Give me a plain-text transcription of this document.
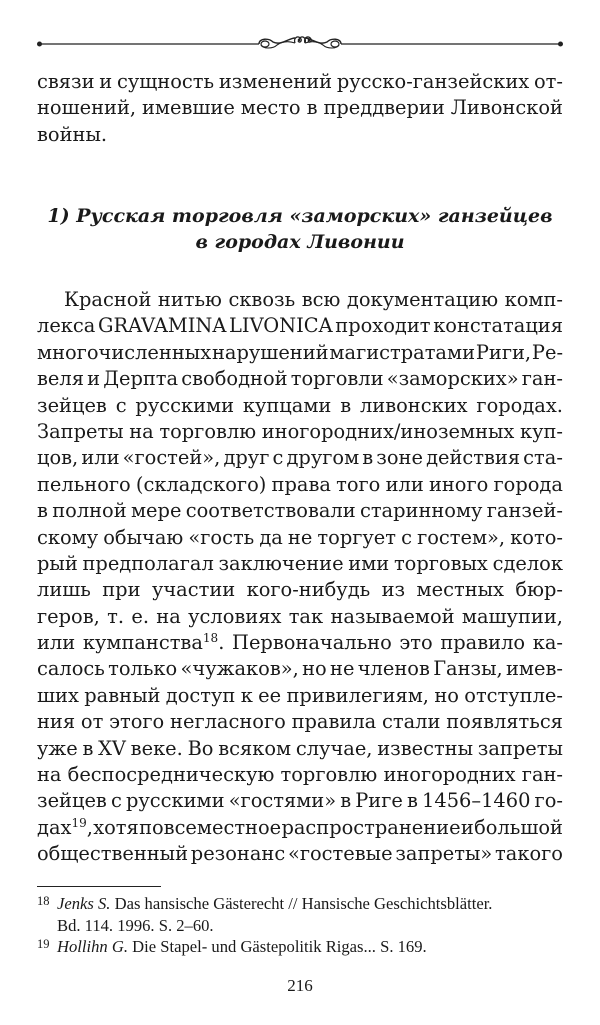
связи и сущность изменений русско-ганзейских от-
ношений, имевшие место в преддверии Ливонской
войны.
1) Русская торговля «заморских» ганзейцев
в городах Ливонии
Красной нитью сквозь всю документацию комп-
лекса GRAVAMINA LIVONICA проходит констатация
многочисленных нарушений магистратами Риги, Ре-
веля и Дерпта свободной торговли «заморских» ган-
зейцев с русскими купцами в ливонских городах.
Запреты на торговлю иногородних/иноземных куп-
цов, или «гостей», друг с другом в зоне действия ста-
пельного (складского) права того или иного города
в полной мере соответствовали старинному ганзей-
скому обычаю «гость да не торгует с гостем», кото-
рый предполагал заключение ими торговых сделок
лишь при участии кого-нибудь из местных бюр-
геров, т. е. на условиях так называемой машупии,
или кумпанства$^{18}$. Первоначально это правило ка-
салось только «чужаков», но не членов Ганзы, имев-
ших равный доступ к ее привилегиям, но отступле-
ния от этого негласного правила стали появляться
уже в XV веке. Во всяком случае, известны запреты
на беспосредническую торговлю иногородних ган-
зейцев с русскими «гостями» в Риге в 1456–1460 го-
дах$^{19}$, хотя повсеместное распространение и большой
общественный резонанс «гостевые запреты» такого
18 Jenks S. Das hansische Gästerecht // Hansische Geschichtsblätter.
Bd. 114. 1996. S. 2–60.
19 Hollihn G. Die Stapel- und Gästepolitik Rigas... S. 169.
216
